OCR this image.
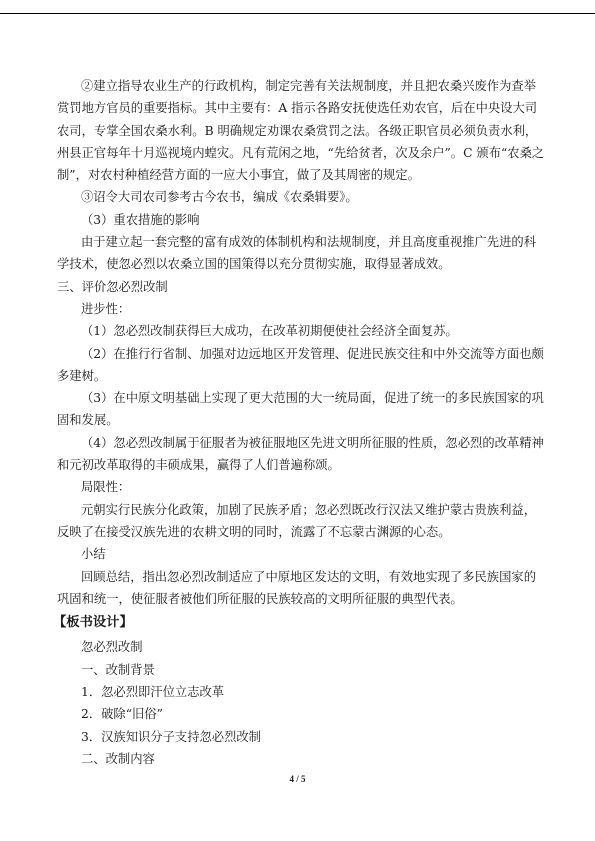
②建立指导农业生产的行政机构，制定完善有关法规制度，并且把农桑兴废作为查举赏罚地方官员的重要指标。其中主要有：A 指示各路安抚使选任劝农官，后在中央设大司农司，专掌全国农桑水利。B 明确规定劝课农桑赏罚之法。各级正职官员必须负责水利，州县正官每年十月巡视境内蝗灾。凡有荒闲之地，“先给贫者，次及余户”。C 颁布“农桑之制”，对农村种植经营方面的一应大小事宜，做了及其周密的规定。

③诏令大司农司参考古今农书，编成《农桑辑要》。

（3）重农措施的影响

由于建立起一套完整的富有成效的体制机构和法规制度，并且高度重视推广先进的科学技术，使忽必烈以农桑立国的国策得以充分贯彻实施，取得显著成效。

三、评价忽必烈改制

进步性：

（1）忽必烈改制获得巨大成功，在改革初期便使社会经济全面复苏。

（2）在推行行省制、加强对边远地区开发管理、促进民族交往和中外交流等方面也颇多建树。

（3）在中原文明基础上实现了更大范围的大一统局面，促进了统一的多民族国家的巩固和发展。

（4）忽必烈改制属于征服者为被征服地区先进文明所征服的性质，忽必烈的改革精神和元初改革取得的丰硕成果，赢得了人们普遍称颂。

局限性：

元朝实行民族分化政策，加剧了民族矛盾；忽必烈既改行汉法又维护蒙古贵族利益，反映了在接受汉族先进的农耕文明的同时，流露了不忘蒙古渊源的心态。

小结

回顾总结，指出忽必烈改制适应了中原地区发达的文明，有效地实现了多民族国家的巩固和统一，使征服者被他们所征服的民族较高的文明所征服的典型代表。

【板书设计】

忽必烈改制

一、改制背景

1．忽必烈即汗位立志改革

2．破除“旧俗”

3．汉族知识分子支持忽必烈改制

二、改制内容

4 / 5
